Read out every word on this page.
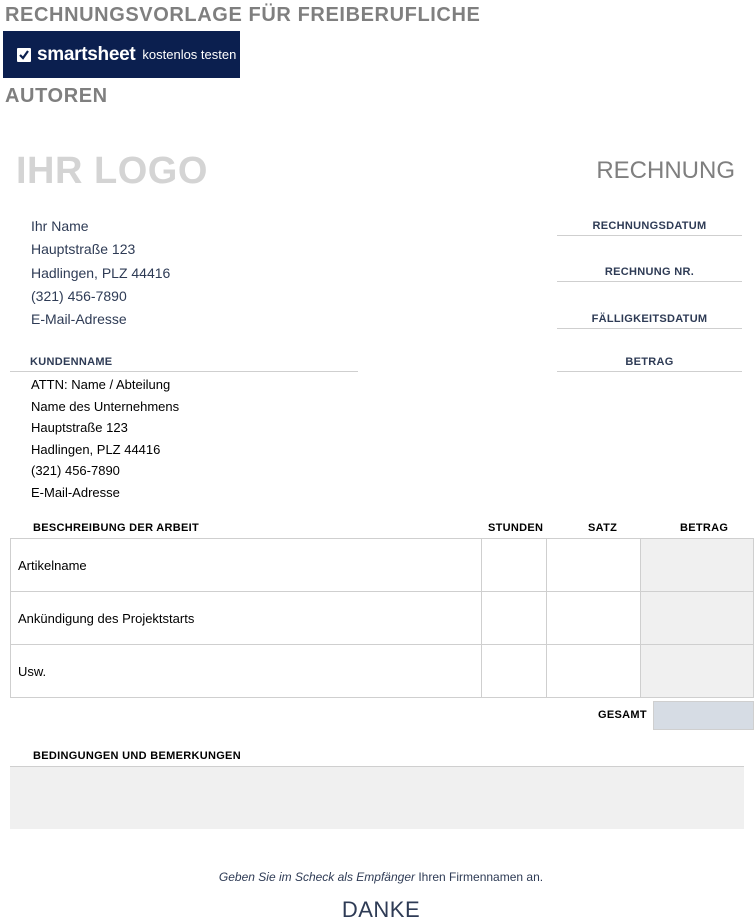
RECHNUNGSVORLAGE FÜR FREIBERUFLICHE
smartsheet kostenlos testen
AUTOREN
IHR LOGO	RECHNUNG
Ihr Name
Hauptstraße 123
Hadlingen, PLZ 44416
(321) 456-7890
E-Mail-Adresse
RECHNUNGSDATUM
RECHNUNG NR.
FÄLLIGKEITSDATUM
KUNDENNAME	BETRAG
ATTN: Name / Abteilung
Name des Unternehmens
Hauptstraße 123
Hadlingen, PLZ 44416
(321) 456-7890
E-Mail-Adresse
BESCHREIBUNG DER ARBEIT	STUNDEN	SATZ	BETRAG
Artikelname			
Ankündigung des Projektstarts			
Usw.			
GESAMT
BEDINGUNGEN UND BEMERKUNGEN
Geben Sie im Scheck als Empfänger Ihren Firmennamen an.
DANKE
